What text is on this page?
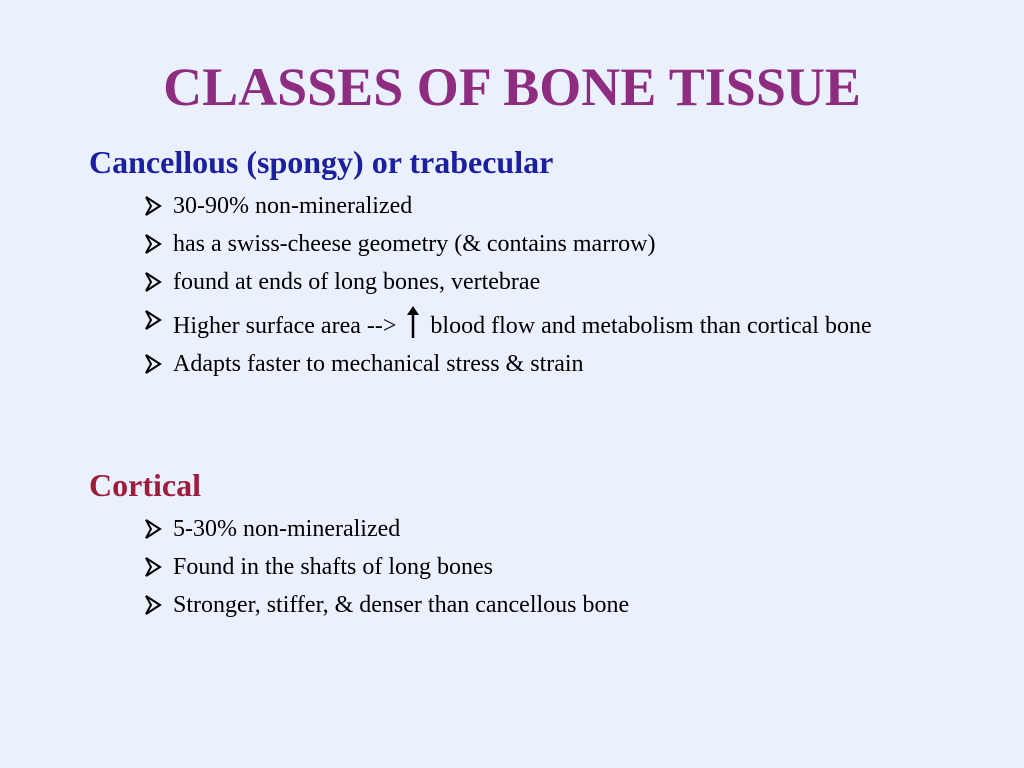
CLASSES OF BONE TISSUE
Cancellous (spongy) or trabecular
30-90% non-mineralized
has a swiss-cheese geometry (& contains marrow)
found at ends of long bones, vertebrae
Higher surface area --> blood flow and metabolism than cortical bone
Adapts faster to mechanical stress & strain
Cortical
5-30% non-mineralized
Found in the shafts of long bones
Stronger, stiffer, & denser than cancellous bone
